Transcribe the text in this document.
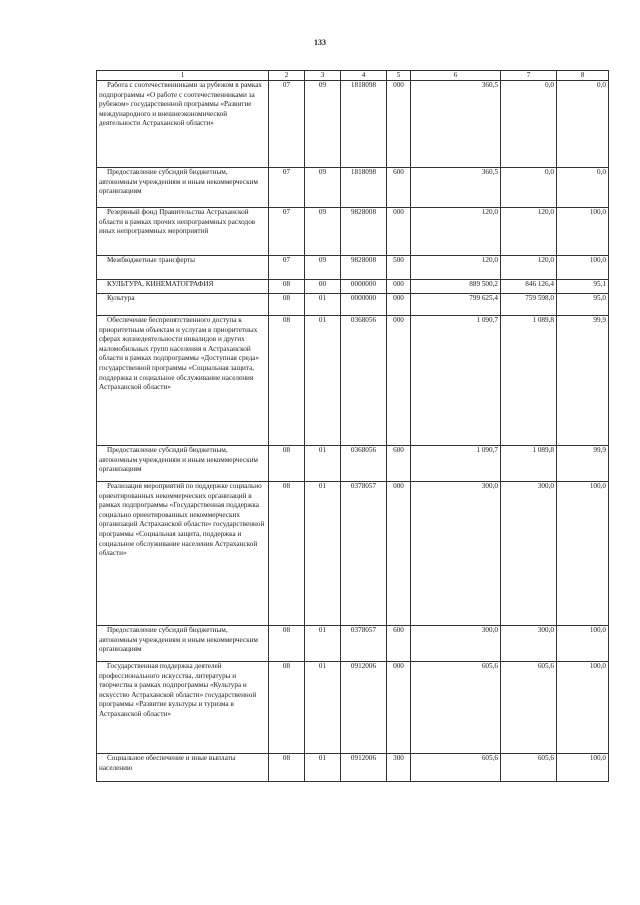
133
1	2	3	4	5	6	7	8
Работа с соотечественниками за рубежом в рамках подпрограммы «О работе с соотечественниками за рубежом» государственной программы «Развитие международного и внешнеэкономической деятельности Астраханской области»	07	09	1818098	000	360,5	0,0	0,0
Предоставление субсидий бюджетным, автономным учреждениям и иным некоммерческим организациям	07	09	1818098	600	360,5	0,0	0,0
Резервный фонд Правительства Астраханской области в рамках прочих непрограммных расходов иных непрограммных мероприятий	07	09	9828008	000	120,0	120,0	100,0
Межбюджетные трансферты	07	09	9828008	500	120,0	120,0	100,0
КУЛЬТУРА, КИНЕМАТОГРАФИЯ	08	00	0000000	000	889 500,2	846 126,4	95,1
Культура	08	01	0000000	000	799 625,4	759 598,0	95,0
Обеспечение беспрепятственного доступа к приоритетным объектам и услугам в приоритетных сферах жизнедеятельности инвалидов и других маломобильных групп населения в Астраханской области в рамках подпрограммы «Доступная среда» государственной программы «Социальная защита, поддержка и социальное обслуживание населения Астраханской области»	08	01	0368056	000	1 090,7	1 089,8	99,9
Предоставление субсидий бюджетным, автономным учреждениям и иным некоммерческим организациям	08	01	0368056	600	1 090,7	1 089,8	99,9
Реализация мероприятий по поддержке социально ориентированных некоммерческих организаций в рамках подпрограммы «Государственная поддержка социально ориентированных некоммерческих организаций Астраханской области» государственной программы «Социальная защита, поддержка и социальное обслуживание населения Астраханской области»	08	01	0378057	000	300,0	300,0	100,0
Предоставление субсидий бюджетным, автономным учреждениям и иным некоммерческим организациям	08	01	0378057	600	300,0	300,0	100,0
Государственная поддержка деятелей профессионального искусства, литературы и творчества в рамках подпрограммы «Культура и искусство Астраханской области» государственной программы «Развитие культуры и туризма в Астраханской области»	08	01	0912006	000	605,6	605,6	100,0
Социальное обеспечение и иные выплаты населению	08	01	0912006	300	605,6	605,6	100,0
